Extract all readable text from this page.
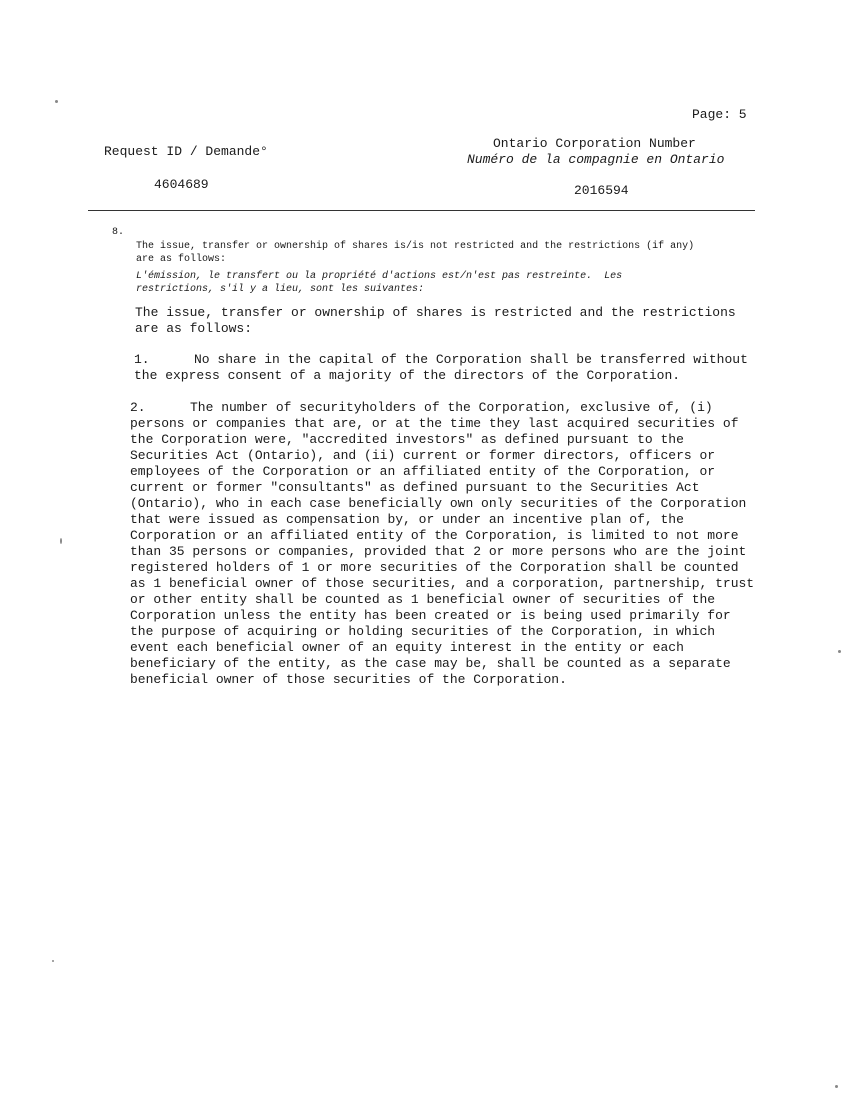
Page: 5
Request ID / Demande°
4604689
Ontario Corporation Number
Numéro de la compagnie en Ontario
2016594
8.

The issue, transfer or ownership of shares is/is not restricted and the restrictions (if any)
are as follows:

L'émission, le transfert ou la propriété d'actions est/n'est pas restreinte.  Les
restrictions, s'il y a lieu, sont les suivantes:
The issue, transfer or ownership of shares is restricted and the restrictions
are as follows:
1.	No share in the capital of the Corporation shall be transferred without
the express consent of a majority of the directors of the Corporation.
2.	The number of securityholders of the Corporation, exclusive of, (i)
persons or companies that are, or at the time they last acquired securities of
the Corporation were, "accredited investors" as defined pursuant to the
Securities Act (Ontario), and (ii) current or former directors, officers or
employees of the Corporation or an affiliated entity of the Corporation, or
current or former "consultants" as defined pursuant to the Securities Act
(Ontario), who in each case beneficially own only securities of the Corporation
that were issued as compensation by, or under an incentive plan of, the
Corporation or an affiliated entity of the Corporation, is limited to not more
than 35 persons or companies, provided that 2 or more persons who are the joint
registered holders of 1 or more securities of the Corporation shall be counted
as 1 beneficial owner of those securities, and a corporation, partnership, trust
or other entity shall be counted as 1 beneficial owner of securities of the
Corporation unless the entity has been created or is being used primarily for
the purpose of acquiring or holding securities of the Corporation, in which
event each beneficial owner of an equity interest in the entity or each
beneficiary of the entity, as the case may be, shall be counted as a separate
beneficial owner of those securities of the Corporation.
